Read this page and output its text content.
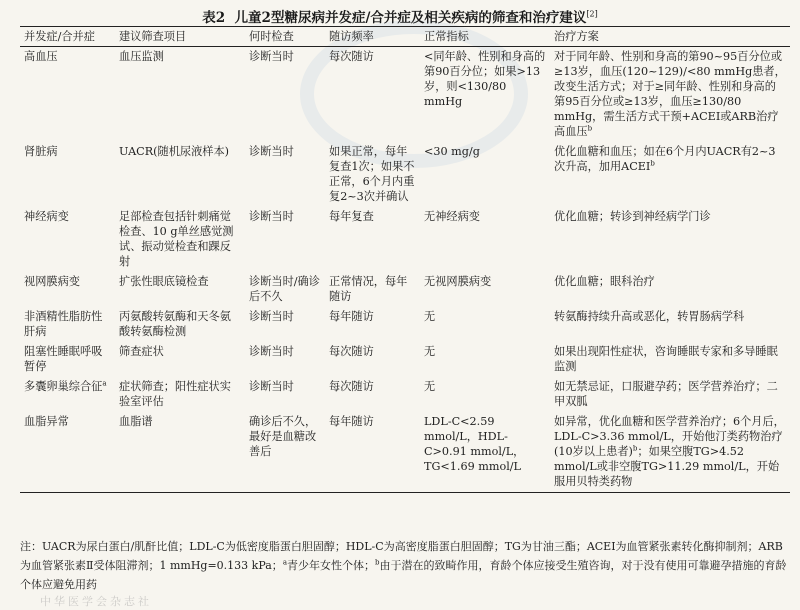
表2 儿童2型糖尿病并发症/合并症及相关疾病的筛查和治疗建议[2]
并发症/合并症	建议筛查项目	何时检查	随访频率	正常指标	治疗方案
高血压	血压监测	诊断当时	每次随访	<同年龄、性别和身高的第90百分位；如果>13岁，则<130/80 mmHg	对于同年龄、性别和身高的第90~95百分位或≥13岁，血压(120~129)/<80 mmHg患者，改变生活方式；对于≥同年龄、性别和身高的第95百分位或≥13岁，血压≥130/80 mmHg，需生活方式干预+ACEI或ARB治疗高血压$^b$
肾脏病	UACR(随机尿液样本)	诊断当时	如果正常，每年复查1次；如果不正常，6个月内重复2~3次并确认	<30 mg/g	优化血糖和血压；如在6个月内UACR有2~3次升高，加用ACEI$^b$
神经病变	足部检查包括针刺痛觉检查、10 g单丝感觉测试、振动觉检查和踝反射	诊断当时	每年复查	无神经病变	优化血糖；转诊到神经病学门诊
视网膜病变	扩张性眼底镜检查	诊断当时/确诊后不久	正常情况，每年随访	无视网膜病变	优化血糖；眼科治疗
非酒精性脂肪性肝病	丙氨酸转氨酶和天冬氨酸转氨酶检测	诊断当时	每年随访	无	转氨酶持续升高或恶化，转胃肠病学科
阻塞性睡眠呼吸暂停	筛查症状	诊断当时	每次随访	无	如果出现阳性症状，咨询睡眠专家和多导睡眠监测
多囊卵巢综合征$^a$	症状筛查；阳性症状实验室评估	诊断当时	每次随访	无	如无禁忌证，口服避孕药；医学营养治疗；二甲双胍
血脂异常	血脂谱	确诊后不久，最好是血糖改善后	每年随访	LDL-C<2.59 mmol/L，HDL-C>0.91 mmol/L，TG<1.69 mmol/L	如异常，优化血糖和医学营养治疗；6个月后，LDL-C>3.36 mmol/L，开始他汀类药物治疗(10岁以上患者)$^b$；如果空腹TG>4.52 mmol/L或非空腹TG>11.29 mmol/L，开始服用贝特类药物
注：UACR为尿白蛋白/肌酐比值；LDL-C为低密度脂蛋白胆固醇；HDL-C为高密度脂蛋白胆固醇；TG为甘油三酯；ACEI为血管紧张素转化酶抑制剂；ARB为血管紧张素Ⅱ受体阻滞剂；1 mmHg=0.133 kPa；$^a$青少年女性个体；$^b$由于潜在的致畸作用，育龄个体应接受生殖咨询，对于没有使用可靠避孕措施的育龄个体应避免用药
中华医学会杂志社
